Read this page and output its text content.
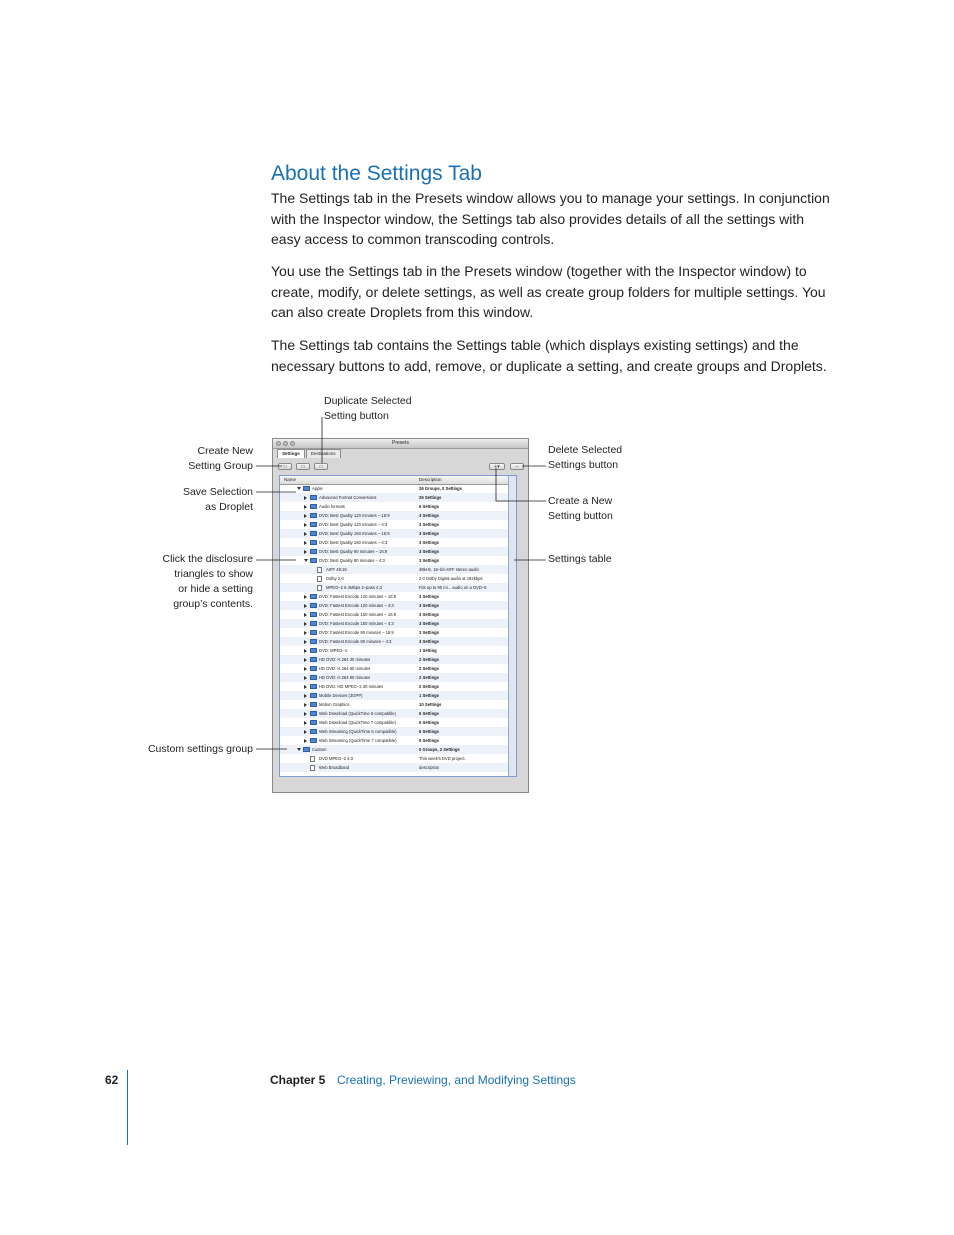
About the Settings Tab

The Settings tab in the Presets window allows you to manage your settings. In conjunction with the Inspector window, the Settings tab also provides details of all the settings with easy access to common transcoding controls.

You use the Settings tab in the Presets window (together with the Inspector window) to create, modify, or delete settings, as well as create group folders for multiple settings. You can also create Droplets from this window.

The Settings tab contains the Settings table (which displays existing settings) and the necessary buttons to add, remove, or duplicate a setting, and create groups and Droplets.

Duplicate Selected
Setting button
Create New
Setting Group
Save Selection
as Droplet
Click the disclosure
triangles to show
or hide a setting
group’s contents.
Custom settings group
Delete Selected
Settings button
Create a New
Setting button
Settings table
Presets
Settings	Destinations
□	□	□	+▾	–
Name	Description
Apple	26 Groups, 0 Settings
Advanced Format Conversions	26 Settings
Audio formats	6 Settings
DVD: Best Quality 120 minutes – 16:9	3 Settings
DVD: Best Quality 120 minutes – 4:3	3 Settings
DVD: Best Quality 150 minutes – 16:9	3 Settings
DVD: Best Quality 150 minutes – 4:3	3 Settings
DVD: Best Quality 90 minutes – 16:9	3 Settings
DVD: Best Quality 90 minutes – 4:3	3 Settings
AIFF 48:16	48kHz, 16–bit AIFF stereo audio
Dolby 2.0	2.0 Dolby Digital audio at 192kbps
MPEG–2 6.4Mbps 2–pass 4:3	Fits up to 90 mi... audio on a DVD–5
DVD: Fastest Encode 120 minutes – 16:9	3 Settings
DVD: Fastest Encode 120 minutes – 4:3	3 Settings
DVD: Fastest Encode 150 minutes – 16:9	3 Settings
DVD: Fastest Encode 150 minutes – 4:3	3 Settings
DVD: Fastest Encode 90 minutes – 16:9	3 Settings
DVD: Fastest Encode 90 minutes – 4:3	3 Settings
DVD: MPEG–1	1 Setting
HD DVD: H.264 30 minutes	2 Settings
HD DVD: H.264 60 minutes	2 Settings
HD DVD: H.264 90 minutes	2 Settings
HD DVD: HD MPEG–2 30 minutes	2 Settings
Mobile Devices (3GPP)	1 Settings
Motion Graphics	10 Settings
Web Download (QuickTime 6 compatible)	5 Settings
Web Download (QuickTime 7 compatible)	5 Settings
Web Streaming (QuickTime 6 compatible)	5 Settings
Web Streaming (QuickTime 7 compatible)	5 Settings
Custom	0 Groups, 2 Settings
DVD MPEG–2 4:3	This week's DVD project.
Web Broadband	description
62	Chapter 5 Creating, Previewing, and Modifying Settings
